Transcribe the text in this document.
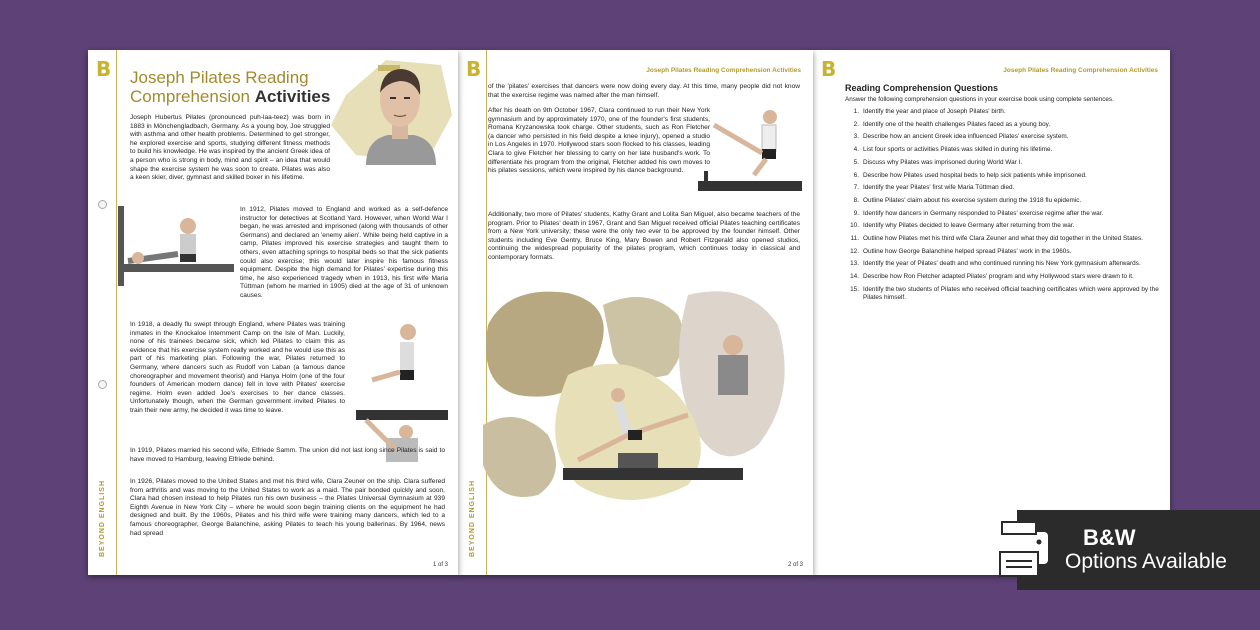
B
BEYOND ENGLISH
Joseph Pilates Reading
Comprehension Activities
Joseph Hubertus Pilates (pronounced puh-laa-teez) was born in 1883 in Mönchengladbach, Germany. As a young boy, Joe struggled with asthma and other health problems. Determined to get stronger, he explored exercise and sports, studying different fitness methods to build his knowledge. He was inspired by the ancient Greek idea of a person who is strong in body, mind and spirit – an idea that would shape the exercise system he was soon to create. Pilates was also a keen skier, diver, gymnast and skilled boxer in his lifetime.
In 1912, Pilates moved to England and worked as a self-defence instructor for detectives at Scotland Yard. However, when World War I began, he was arrested and imprisoned (along with thousands of other Germans) and declared an 'enemy alien'. While being held captive in a camp, Pilates improved his exercise strategies and taught them to others, even attaching springs to hospital beds so that the sick patients could also exercise; this would later inspire his famous fitness equipment. Despite the high demand for Pilates' expertise during this time, he also experienced tragedy when in 1913, his first wife Maria Tüttman (whom he married in 1905) died at the age of 31 of unknown causes.
In 1918, a deadly flu swept through England, where Pilates was training inmates in the Knockaloe Internment Camp on the Isle of Man. Luckily, none of his trainees became sick, which led Pilates to claim this as evidence that his exercise system really worked and he would use this as part of his marketing plan. Following the war, Pilates returned to Germany, where dancers such as Rudolf von Laban (a famous dance choreographer and movement theorist) and Hanya Holm (one of the four founders of American modern dance) fell in love with Pilates' exercise regime. Holm even added Joe's exercises to her dance classes. Unfortunately though, when the German government invited Pilates to train their new army, he decided it was time to leave.
In 1919, Pilates married his second wife, Elfriede Samm. The union did not last long since Pilates is said to have moved to Hamburg, leaving Elfriede behind.
In 1926, Pilates moved to the United States and met his third wife, Clara Zeuner on the ship. Clara suffered from arthritis and was moving to the United States to work as a maid. The pair bonded quickly and soon, Clara had chosen instead to help Pilates run his own business – the Pilates Universal Gymnasium at 939 Eighth Avenue in New York City – where he would soon begin training clients on the equipment he had designed and built. By the 1960s, Pilates and his third wife were training many dancers, which led to a famous choreographer, George Balanchine, asking Pilates to teach his young ballerinas. By 1964, news had spread
1 of 3
B
BEYOND ENGLISH
Joseph Pilates Reading Comprehension Activities
of the 'pilates' exercises that dancers were now doing every day. At this time, many people did not know that the exercise regime was named after the man himself.
After his death on 9th October 1967, Clara continued to run their New York gymnasium and by approximately 1970, one of the founder's first students, Romana Kryzanowska took charge. Other students, such as Ron Fletcher (a dancer who persisted in his field despite a knee injury), opened a studio in Los Angeles in 1970. Hollywood stars soon flocked to his classes, leading Clara to give Fletcher her blessing to carry on her late husband's work. To differentiate his program from the original, Fletcher added his own moves to his pilates sessions, which were inspired by his dance background.
Additionally, two more of Pilates' students, Kathy Grant and Lolita San Miguel, also became teachers of the program. Prior to Pilates' death in 1967, Grant and San Miguel received official Pilates teaching certificates from a New York university; these were the only two ever to be approved by the founder himself. Other students including Eve Gentry, Bruce King, Mary Bowen and Robert Fitzgerald also opened studios, continuing the widespread popularity of the pilates program, which continues today in classical and contemporary formats.
2 of 3
B	Joseph Pilates Reading Comprehension Activities
Reading Comprehension Questions
Answer the following comprehension questions in your exercise book using complete sentences.
1. Identify the year and place of Joseph Pilates' birth.
2. Identify one of the health challenges Pilates faced as a young boy.
3. Describe how an ancient Greek idea influenced Pilates' exercise system.
4. List four sports or activities Pilates was skilled in during his lifetime.
5. Discuss why Pilates was imprisoned during World War I.
6. Describe how Pilates used hospital beds to help sick patients while imprisoned.
7. Identify the year Pilates' first wife Maria Tüttman died.
8. Outline Pilates' claim about his exercise system during the 1918 flu epidemic.
9. Identify how dancers in Germany responded to Pilates' exercise regime after the war.
10. Identify why Pilates decided to leave Germany after returning from the war.
11. Outline how Pilates met his third wife Clara Zeuner and what they did together in the United States.
12. Outline how George Balanchine helped spread Pilates' work in the 1960s.
13. Identify the year of Pilates' death and who continued running his New York gymnasium afterwards.
14. Describe how Ron Fletcher adapted Pilates' program and why Hollywood stars were drawn to it.
15. Identify the two students of Pilates who received official teaching certificates which were approved by the Pilates himself.
B&W
Options Available
